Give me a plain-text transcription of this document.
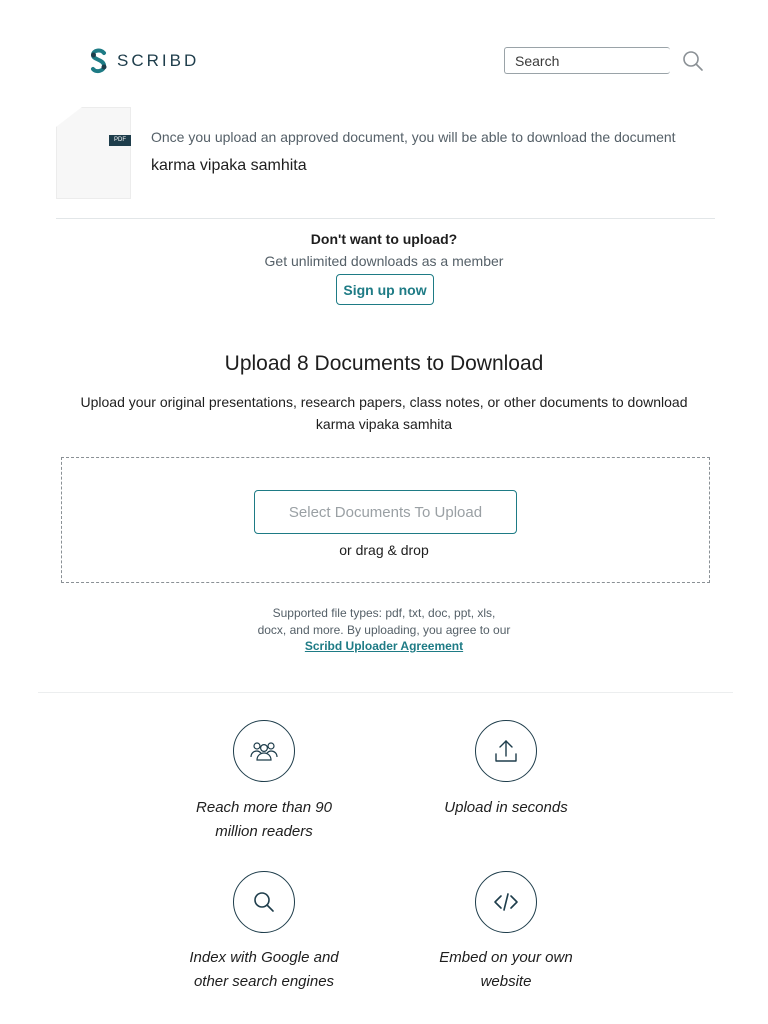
SCRIBD
Search
PDF	Once you upload an approved document, you will be able to download the document
karma vipaka samhita
Don't want to upload?
Get unlimited downloads as a member
Sign up now
Upload 8 Documents to Download
Upload your original presentations, research papers, class notes, or other documents to download
karma vipaka samhita
Select Documents To Upload
or drag & drop
Supported file types: pdf, txt, doc, ppt, xls,
docx, and more. By uploading, you agree to our
Scribd Uploader Agreement
Reach more than 90
million readers
Upload in seconds
Index with Google and
other search engines
Embed on your own
website
